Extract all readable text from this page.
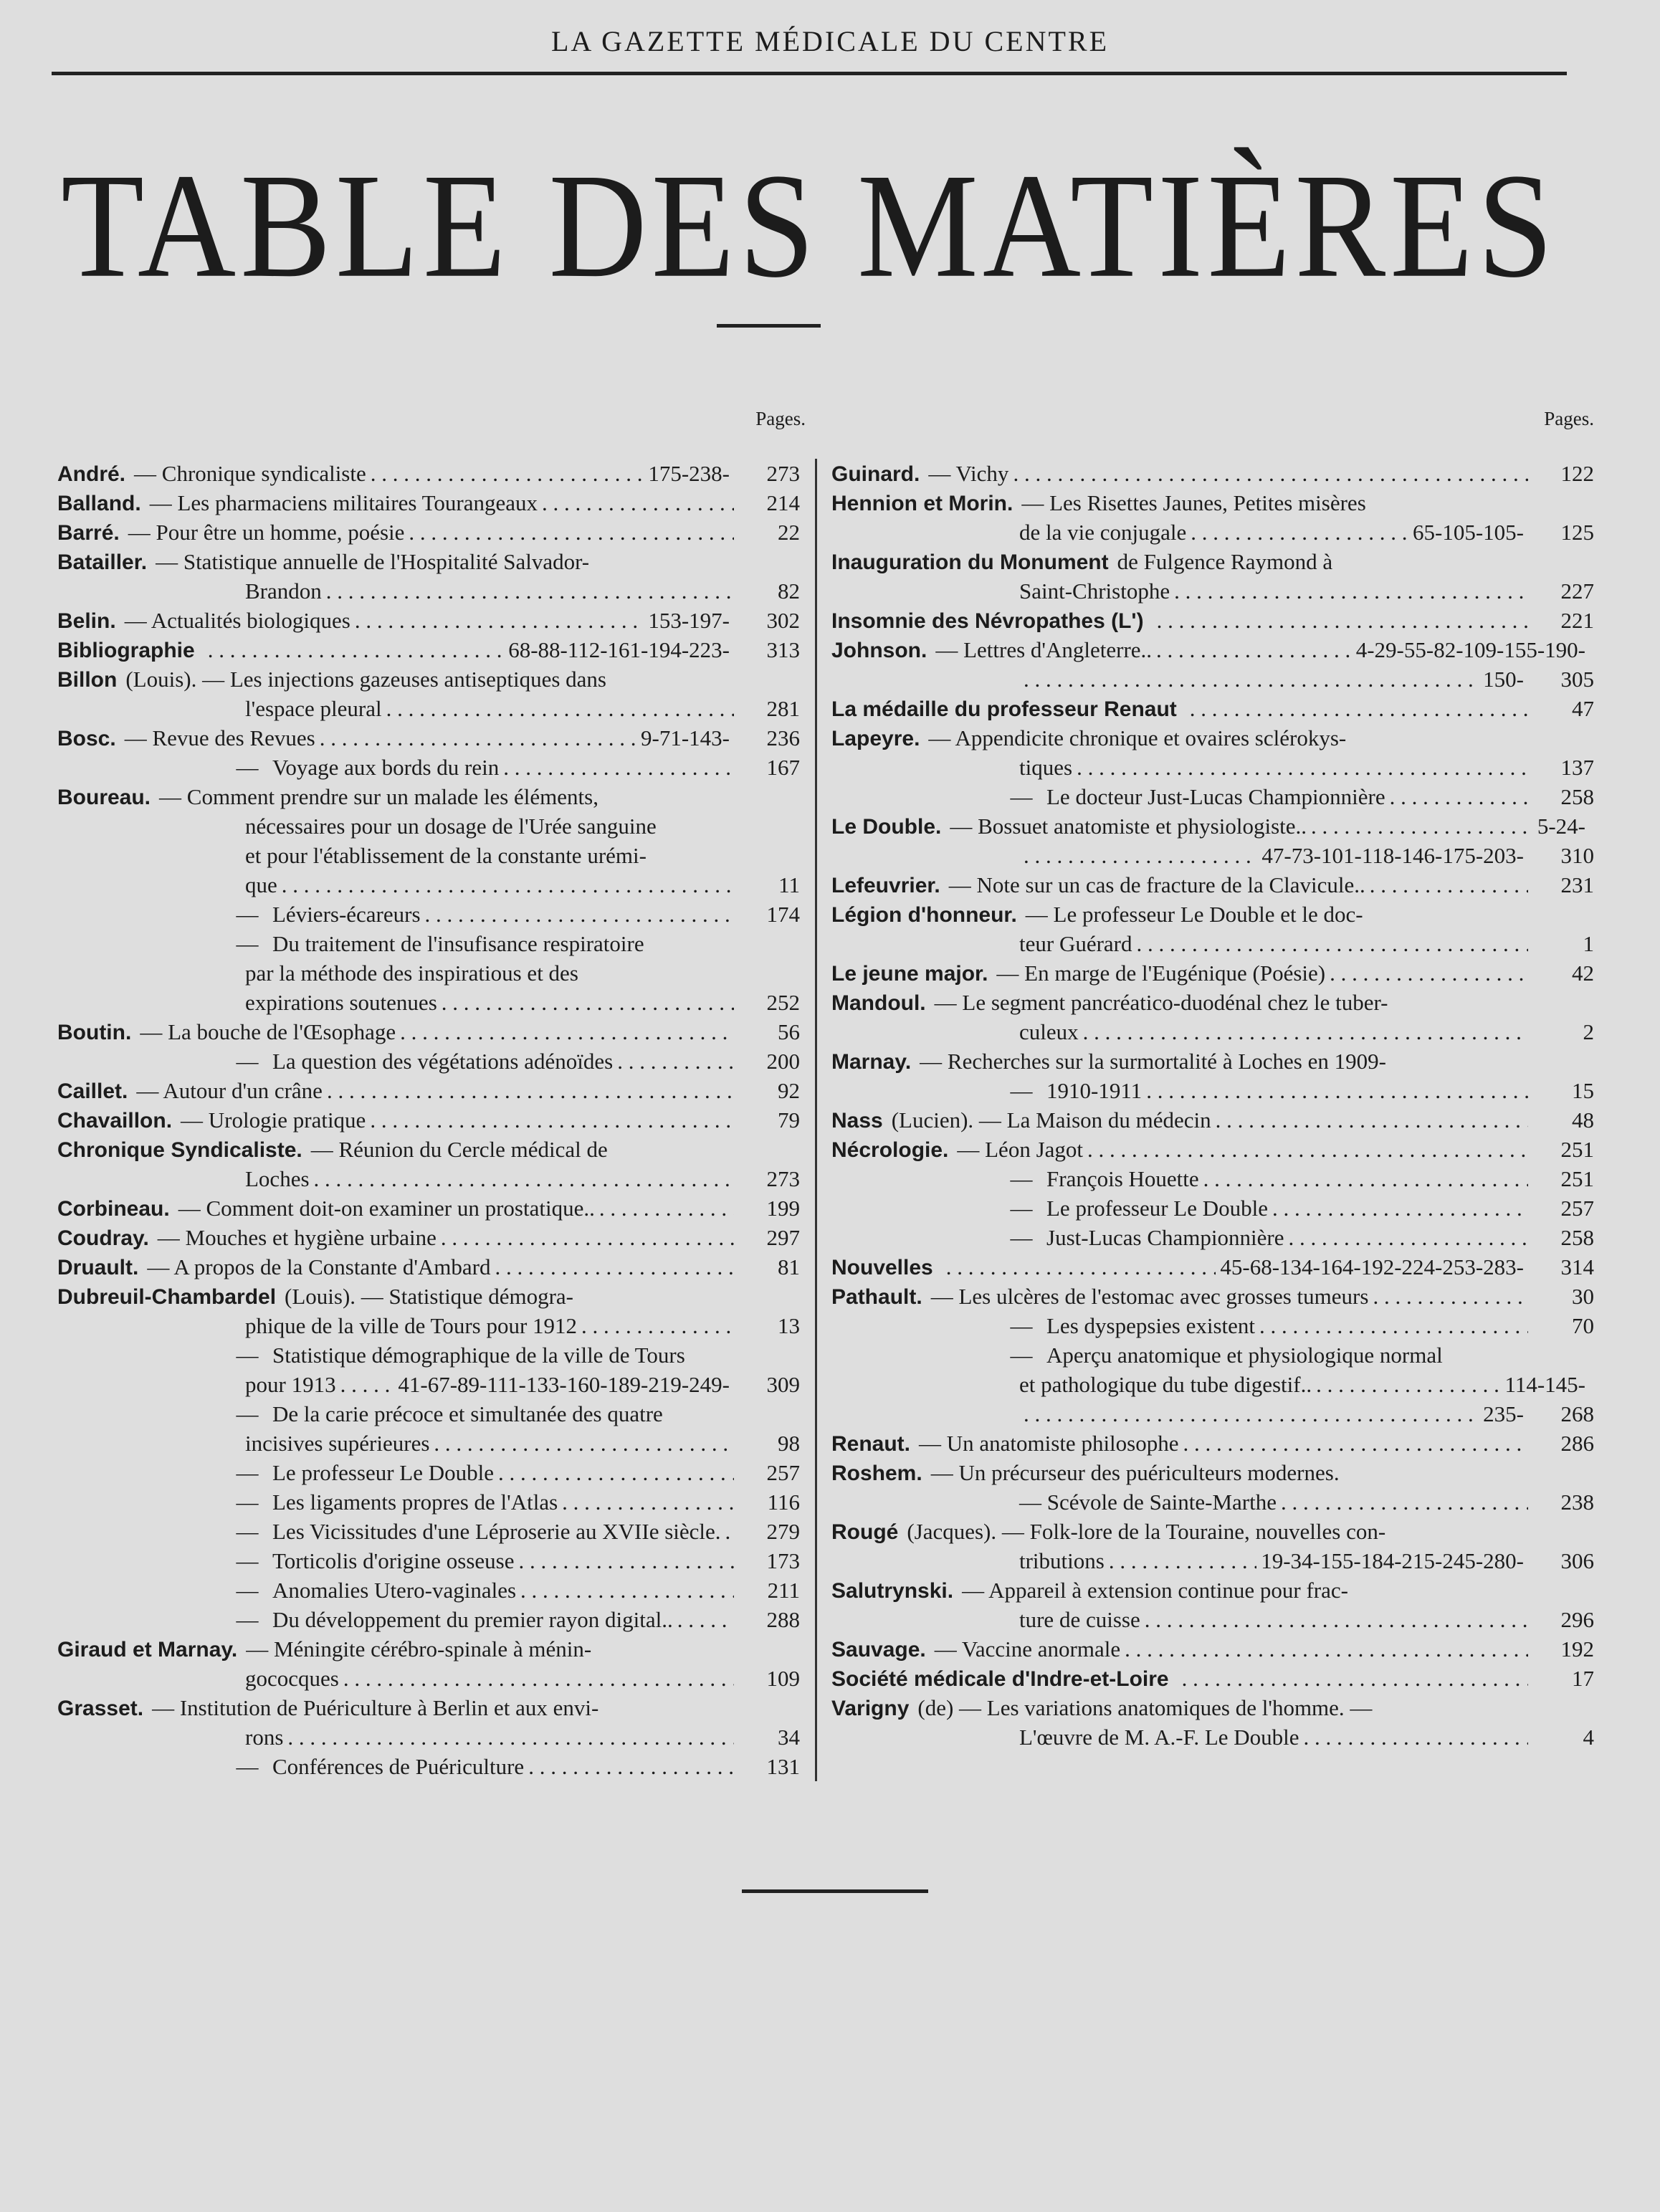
LA GAZETTE MÉDICALE DU CENTRE
TABLE DES MATIÈRES
Pages.
André. — Chronique syndicaliste . . .	175-238-	273
Balland. — Les pharmaciens militaires Tourangeaux . . .	214
Barré. — Pour être un homme, poésie . . .	22
Batailler. — Statistique annuelle de l'Hospitalité Salvador-
Brandon . . .	82
Belin. — Actualités biologiques . . .	153-197-	302
Bibliographie . . .	68-88-112-161-194-223-	313
Billon (Louis). — Les injections gazeuses antiseptiques dans
l'espace pleural . . .	281
Bosc. — Revue des Revues . . .	9-71-143-	236
— Voyage aux bords du rein . . .	167
Boureau. — Comment prendre sur un malade les éléments,
nécessaires pour un dosage de l'Urée sanguine
et pour l'établissement de la constante urémi-
que . . .	11
— Léviers-écareurs . . .	174
— Du traitement de l'insufisance respiratoire
par la méthode des inspiratious et des
expirations soutenues . . .	252
Boutin. — La bouche de l'Œsophage . . .	56
— La question des végétations adénoïdes . . .	200
Caillet. — Autour d'un crâne . . .	92
Chavaillon. — Urologie pratique . . .	79
Chronique Syndicaliste. — Réunion du Cercle médical de
Loches . . .	273
Corbineau. — Comment doit-on examiner un prostatique.. . . .	199
Coudray. — Mouches et hygiène urbaine . . .	297
Druault. — A propos de la Constante d'Ambard . . .	81
Dubreuil-Chambardel (Louis). — Statistique démogra-
phique de la ville de Tours pour 1912 . . .	13
— Statistique démographique de la ville de Tours
pour 1913 . . .	41-67-89-111-133-160-189-219-249-	309
— De la carie précoce et simultanée des quatre
incisives supérieures . . .	98
— Le professeur Le Double . . .	257
— Les ligaments propres de l'Atlas . . .	116
— Les Vicissitudes d'une Léproserie au XVIIe siècle. . . .	279
— Torticolis d'origine osseuse . . .	173
— Anomalies Utero-vaginales . . .	211
— Du développement du premier rayon digital.. . . .	288
Giraud et Marnay. — Méningite cérébro-spinale à ménin-
gococques . . .	109
Grasset. — Institution de Puériculture à Berlin et aux envi-
rons . . .	34
— Conférences de Puériculture . . .	131
Pages.
Guinard. — Vichy . . .	122
Hennion et Morin. — Les Risettes Jaunes, Petites misères
de la vie conjugale . . .	65-105-105-	125
Inauguration du Monument de Fulgence Raymond à
Saint-Christophe . . .	227
Insomnie des Névropathes (L') . . .	221
Johnson. — Lettres d'Angleterre.. . . .	4-29-55-82-109-155-190-
. . .
150-	305
La médaille du professeur Renaut . . .	47
Lapeyre. — Appendicite chronique et ovaires sclérokys-
tiques . . .	137
— Le docteur Just-Lucas Championnière . . .	258
Le Double. — Bossuet anatomiste et physiologiste.. . . .	5-24-
. . .
47-73-101-118-146-175-203-	310
Lefeuvrier. — Note sur un cas de fracture de la Clavicule.. . . .	231
Légion d'honneur. — Le professeur Le Double et le doc-
teur Guérard . . .	1
Le jeune major. — En marge de l'Eugénique (Poésie) . . .	42
Mandoul. — Le segment pancréatico-duodénal chez le tuber-
culeux . . .	2
Marnay. — Recherches sur la surmortalité à Loches en 1909-
— 1910-1911 . . .	15
Nass (Lucien). — La Maison du médecin . . .	48
Nécrologie. — Léon Jagot . . .	251
— François Houette . . .	251
— Le professeur Le Double . . .	257
— Just-Lucas Championnière . . .	258
Nouvelles . . .	45-68-134-164-192-224-253-283-	314
Pathault. — Les ulcères de l'estomac avec grosses tumeurs . . .	30
— Les dyspepsies existent . . .	70
— Aperçu anatomique et physiologique normal
et pathologique du tube digestif.. . . .	114-145-
. . .
235-	268
Renaut. — Un anatomiste philosophe . . .	286
Roshem. — Un précurseur des puériculteurs modernes.
— Scévole de Sainte-Marthe . . .	238
Rougé (Jacques). — Folk-lore de la Touraine, nouvelles con-
tributions . . .	19-34-155-184-215-245-280-	306
Salutrynski. — Appareil à extension continue pour frac-
ture de cuisse . . .	296
Sauvage. — Vaccine anormale . . .	192
Société médicale d'Indre-et-Loire . . .	17
Varigny (de) — Les variations anatomiques de l'homme. —
L'œuvre de M. A.-F. Le Double . . .	4
